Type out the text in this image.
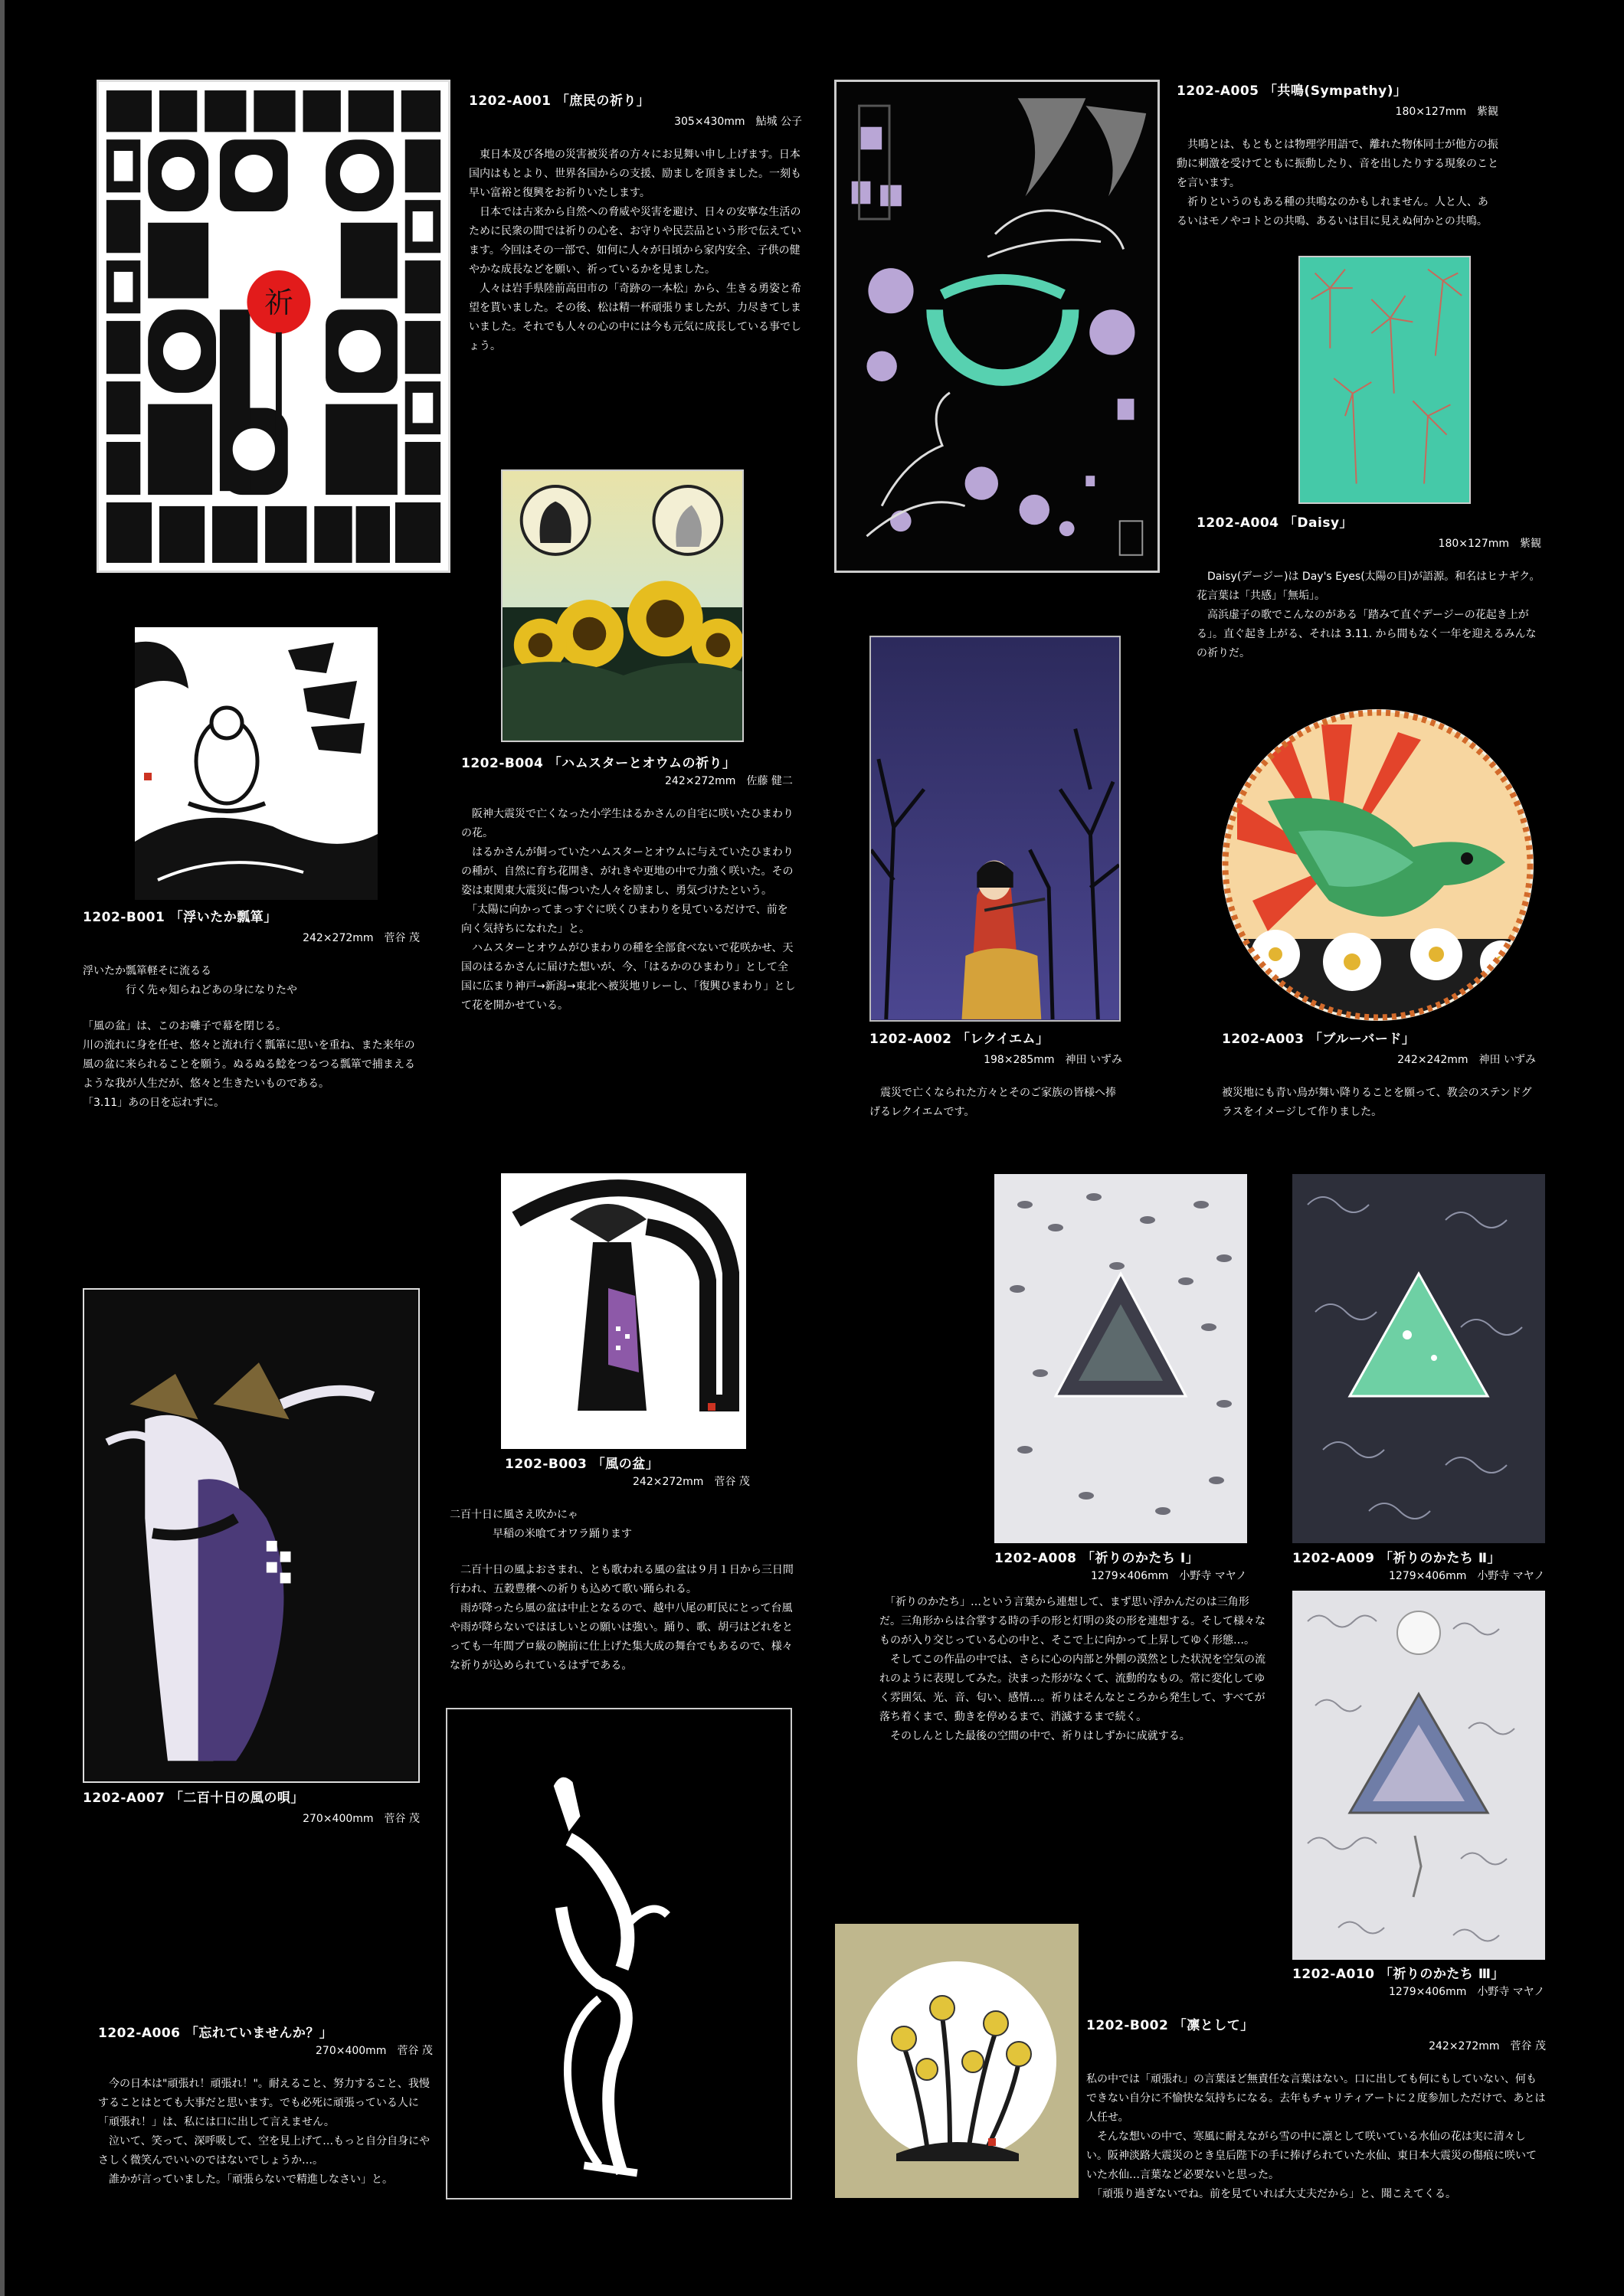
祈
1202-A001 「庶民の祈り」
305×430mm 鮎城 公子
　東日本及び各地の災害被災者の方々にお見舞い申し上げます。日本国内はもとより、世界各国からの支援、励ましを頂きました。一刻も早い富裕と復興をお祈りいたします。
　日本では古来から自然への脅威や災害を避け、日々の安寧な生活のために民衆の間では祈りの心を、お守りや民芸品という形で伝えています。今回はその一部で、如何に人々が日頃から家内安全、子供の健やかな成長などを願い、祈っているかを見ました。
　人々は岩手県陸前高田市の「奇跡の一本松」から、生きる勇姿と希望を貰いました。その後、松は精一杯頑張りましたが、力尽きてしまいました。それでも人々の心の中には今も元気に成長している事でしょう。
1202-A005 「共鳴(Sympathy)」
180×127mm 紫観
　共鳴とは、もともとは物理学用語で、離れた物体同士が他方の振動に刺激を受けてともに振動したり、音を出したりする現象のことを言います。
　祈りというのもある種の共鳴なのかもしれません。人と人、あるいはモノやコトとの共鳴、あるいは目に見えぬ何かとの共鳴。
1202-A004 「Daisy」
180×127mm 紫観
　Daisy(デージー)は Day's Eyes(太陽の目)が語源。和名はヒナギク。花言葉は「共感」「無垢」。
　高浜虚子の歌でこんなのがある「踏みて直ぐデージーの花起き上がる」。直ぐ起き上がる、それは 3.11. から間もなく一年を迎えるみんなの祈りだ。
1202-B004 「ハムスターとオウムの祈り」
242×272mm 佐藤 健二
　阪神大震災で亡くなった小学生はるかさんの自宅に咲いたひまわりの花。
　はるかさんが飼っていたハムスターとオウムに与えていたひまわりの種が、自然に育ち花開き、がれきや更地の中で力強く咲いた。その姿は東関東大震災に傷ついた人々を励まし、勇気づけたという。
　「太陽に向かってまっすぐに咲くひまわりを見ているだけで、前を向く気持ちになれた」と。
　ハムスターとオウムがひまわりの種を全部食べないで花咲かせ、天国のはるかさんに届けた想いが、今、「はるかのひまわり」として全国に広まり神戸→新潟→東北へ被災地リレーし、「復興ひまわり」として花を開かせている。
1202-B001 「浮いたか瓢箪」
242×272mm 菅谷 茂
浮いたか瓢箪軽そに流るる
　　　　行く先ゃ知らねどあの身になりたや
「風の盆」は、このお囃子で幕を閉じる。
川の流れに身を任せ、悠々と流れ行く瓢箪に思いを重ね、また来年の風の盆に来られることを願う。ぬるぬる鯰をつるつる瓢箪で捕まえるような我が人生だが、悠々と生きたいものである。
「3.11」あの日を忘れずに。
1202-A002 「レクイエム」
198×285mm 神田 いずみ
　震災で亡くなられた方々とそのご家族の皆様へ捧げるレクイエムです。
1202-A003 「ブルーバード」
242×242mm 神田 いずみ
被災地にも青い鳥が舞い降りることを願って、教会のステンドグラスをイメージして作りました。
1202-B003 「風の盆」
242×272mm 菅谷 茂
二百十日に風さえ吹かにゃ
　　　　早稲の米喰てオワラ踊ります
　二百十日の風よおさまれ、とも歌われる風の盆は９月１日から三日間行われ、五穀豊穣への祈りも込めて歌い踊られる。
　雨が降ったら風の盆は中止となるので、越中八尾の町民にとって台風や雨が降らないではほしいとの願いは強い。踊り、歌、胡弓はどれをとっても一年間プロ級の腕前に仕上げた集大成の舞台でもあるので、様々な祈りが込められているはずである。
1202-A007 「二百十日の風の唄」
270×400mm 菅谷 茂
1202-A008 「祈りのかたち Ⅰ」
1279×406mm 小野寺 マヤノ
　「祈りのかたち」…という言葉から連想して、まず思い浮かんだのは三角形だ。三角形からは合掌する時の手の形と灯明の炎の形を連想する。そして様々なものが入り交じっている心の中と、そこで上に向かって上昇してゆく形態…。
　そしてこの作品の中では、さらに心の内部と外側の漠然とした状況を空気の流れのように表現してみた。決まった形がなくて、流動的なもの。常に変化してゆく雰囲気、光、音、匂い、感情…。祈りはそんなところから発生して、すべてが落ち着くまで、動きを停めるまで、消滅するまで続く。
　そのしんとした最後の空間の中で、祈りはしずかに成就する。
1202-A009 「祈りのかたち Ⅱ」
1279×406mm 小野寺 マヤノ
1202-A010 「祈りのかたち Ⅲ」
1279×406mm 小野寺 マヤノ
1202-A006 「忘れていませんか？」
270×400mm 菅谷 茂
　今の日本は"頑張れ！頑張れ！"。耐えること、努力すること、我慢することはとても大事だと思います。でも必死に頑張っている人に「頑張れ！」は、私には口に出して言えません。
　泣いて、笑って、深呼吸して、空を見上げて…もっと自分自身にやさしく微笑んでいいのではないでしょうか…。
　誰かが言っていました。「頑張らないで精進しなさい」と。
1202-B002 「凛として」
242×272mm 菅谷 茂
私の中では「頑張れ」の言葉ほど無責任な言葉はない。口に出しても何にもしていない、何もできない自分に不愉快な気持ちになる。去年もチャリティアートに２度参加しただけで、あとは人任せ。
　そんな想いの中で、寒風に耐えながら雪の中に凛として咲いている水仙の花は実に清々しい。阪神淡路大震災のとき皇后陛下の手に捧げられていた水仙、東日本大震災の傷痕に咲いていた水仙…言葉など必要ないと思った。
　「頑張り過ぎないでね。前を見ていれば大丈夫だから」と、聞こえてくる。
